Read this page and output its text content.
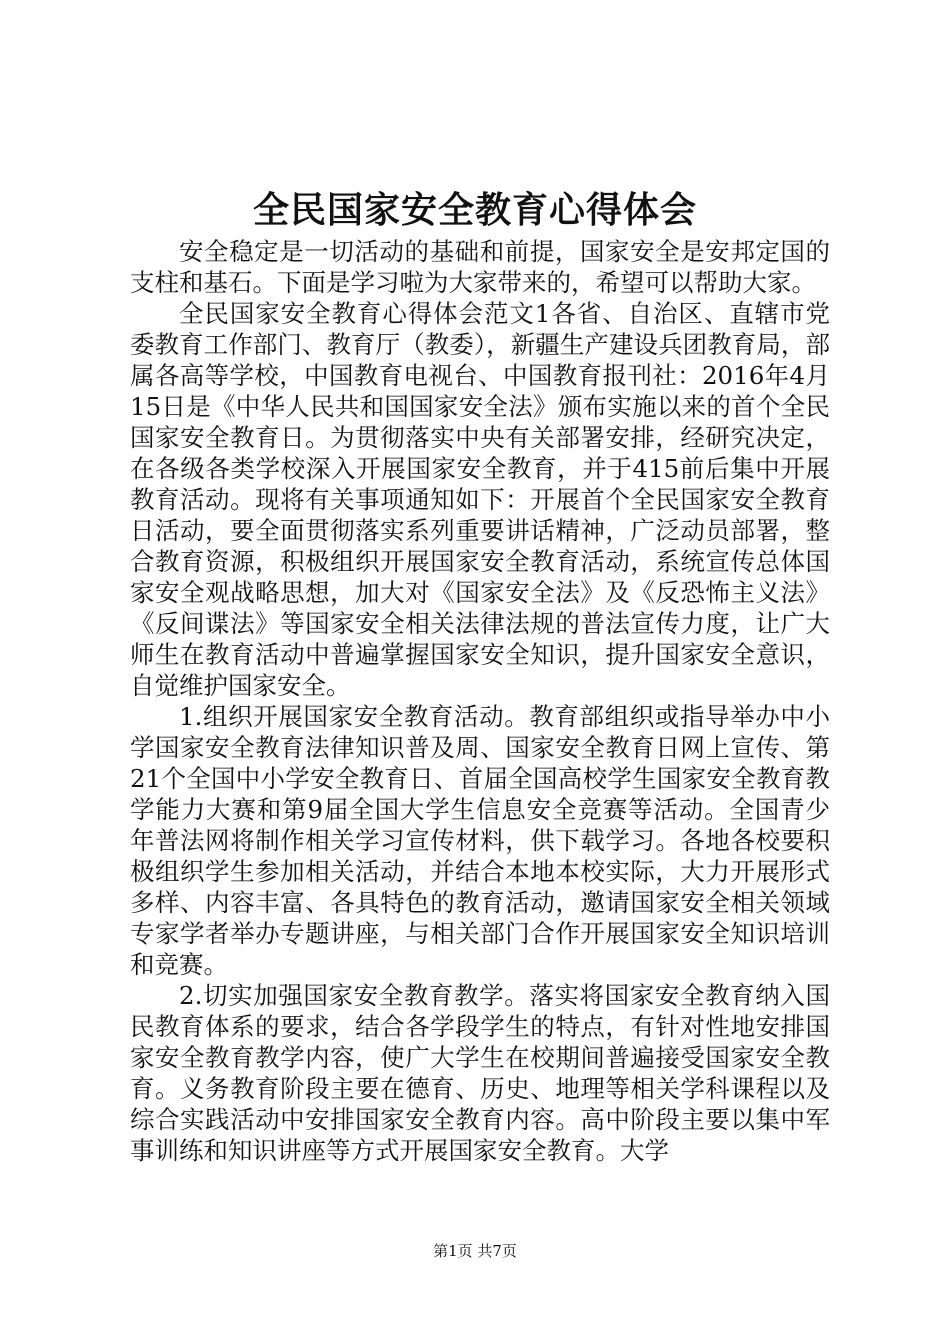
全民国家安全教育心得体会

安全稳定是一切活动的基础和前提，国家安全是安邦定国的支柱和基石。下面是学习啦为大家带来的，希望可以帮助大家。

全民国家安全教育心得体会范文1各省、自治区、直辖市党委教育工作部门、教育厅（教委），新疆生产建设兵团教育局，部属各高等学校，中国教育电视台、中国教育报刊社：2016年4月15日是《中华人民共和国国家安全法》颁布实施以来的首个全民国家安全教育日。为贯彻落实中央有关部署安排，经研究决定，在各级各类学校深入开展国家安全教育，并于415前后集中开展教育活动。现将有关事项通知如下：开展首个全民国家安全教育日活动，要全面贯彻落实系列重要讲话精神，广泛动员部署，整合教育资源，积极组织开展国家安全教育活动，系统宣传总体国家安全观战略思想，加大对《国家安全法》及《反恐怖主义法》《反间谍法》等国家安全相关法律法规的普法宣传力度，让广大师生在教育活动中普遍掌握国家安全知识，提升国家安全意识，自觉维护国家安全。

1.组织开展国家安全教育活动。教育部组织或指导举办中小学国家安全教育法律知识普及周、国家安全教育日网上宣传、第21个全国中小学安全教育日、首届全国高校学生国家安全教育教学能力大赛和第9届全国大学生信息安全竞赛等活动。全国青少年普法网将制作相关学习宣传材料，供下载学习。各地各校要积极组织学生参加相关活动，并结合本地本校实际，大力开展形式多样、内容丰富、各具特色的教育活动，邀请国家安全相关领域专家学者举办专题讲座，与相关部门合作开展国家安全知识培训和竞赛。

2.切实加强国家安全教育教学。落实将国家安全教育纳入国民教育体系的要求，结合各学段学生的特点，有针对性地安排国家安全教育教学内容，使广大学生在校期间普遍接受国家安全教育。义务教育阶段主要在德育、历史、地理等相关学科课程以及综合实践活动中安排国家安全教育内容。高中阶段主要以集中军事训练和知识讲座等方式开展国家安全教育。大学

第1页 共7页
